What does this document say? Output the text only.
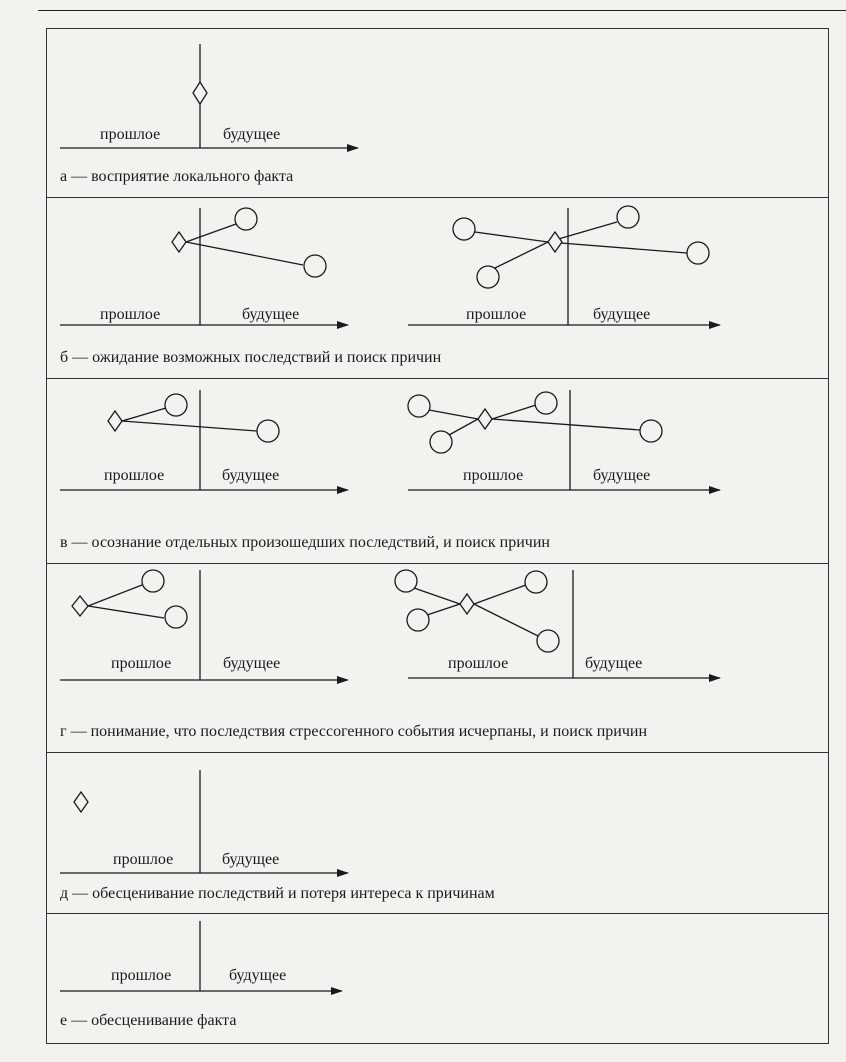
прошлое	будущее
прошлое	будущее	прошлое	будущее
прошлое	будущее	прошлое	будущее
прошлое	будущее	прошлое	будущее
прошлое	будущее
прошлое	будущее
а — восприятие локального факта
б — ожидание возможных последствий и поиск причин
в — осознание отдельных произошедших последствий, и поиск причин
г — понимание, что последствия стрессогенного события исчерпаны, и поиск причин
д — обесценивание последствий и потеря интереса к причинам
е — обесценивание факта
